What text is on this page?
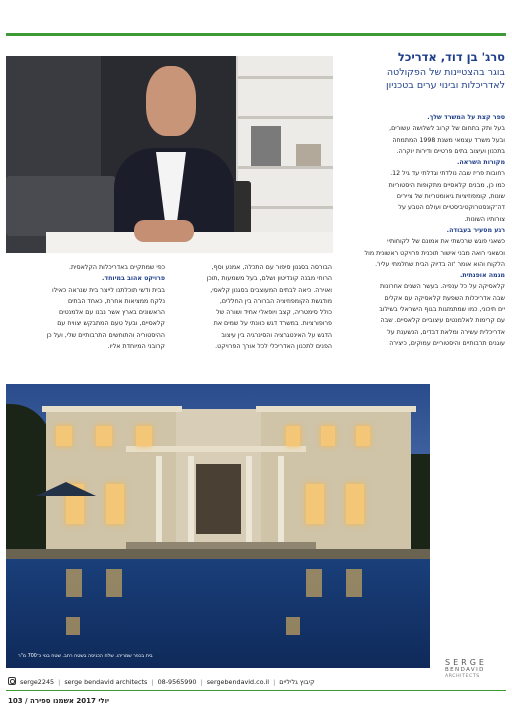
סרג' בן דוד, אדריכל
בוגר בהצטיינות של הפקולטה
לאדריכלות ובינוי ערים בטכניון

ספר קצת על המשרד שלך.

בעל ותק בתחום של קרוב לשלושה עשורים,

ובעל משרד עצמאי משנת 1998 המתמחה

בתכנון ועיצוב בתים פרטיים ודירות יוקרה.

מקורות השראה.

רחובות פריז שבה נולדתי וגדלתי עד גיל 12.

כמו כן, מבנים קלאסיים מתקופות היסטוריות

שונות, קומפוזיציות גיאומטריות של ציירים

דה־קונסטרוקטיביסטיים ועולם הטבע על

צורותיו השונות.

רגע מסעיר בעבודה.

כשאני פוגש שרכשתי את אמונם של לקוחותיי

וכשאני רואה מבני אישור תוכנית פרויקט ראשונית מול

הלקוח והוא אומר 'זה בדיוק הבית שחלמתי עליו'.

מגמה אופנתית.

קלאסיקה על כל ענפיה. בעשר השנים אחרונות

שבה אדריכלות השפעת קלאסיקה עם אקלים

יים תיכוני, כמו שמתמזגות בגוף הישראלי בשילוב

עם קרימות לאלמנטים עיצוביים קלאסיים. שבה

אדריכלית עשירה ומלאת דבדים, הנשענת על

עוגנים תרבותיים והיסטוריים עמוקים, כיצירה

הבורסה בסגנון סיפור עם התכלה, אמנע וסף,

הרוחי מבנה קונדיטון ושלם, בעל משמעות ,תוכן

ואוירה. כיאה לבתים המעוצבים בסגנון קלאסי,

מודגשת הקומפוזיציה הברורה בין החללים,

כולל סימטריה, קצב ויופאלי אחיד ושורה של

פרופורציות. במשרד דגש כוונתי על שמים את

הדגש על האינטגרציה והסינרגיה בין עיצוב

הפנים לתכנון האדריכלי לכל אורך הפרויקט.

כפי שמתקיים באדריכלות הקלאסית.

פרויקט אהוב במיוחד.

בבית ודשי תוכלתנו לייצר בית שנראה כאילו

נלקח ממציאות אחרת, כאחד הבתים

הראשונים בארץ אשר נבנו עם אלמנטים

קלאסיים, ובעל טעם המתבקש יצוויח עם

ההיסטוריה והתוחשים התרבותיים שלי, ועל כן

קרובני המיוחדת אליו.

בית בכפר שמריהו. שלח הכניסה בשטח רחב. שטח בנוי כ־700 מ"ר
SERGE
BENDAVID
ARCHITECTS
serge2245 | serge bendavid architects | 08-9565990 | sergebendavid.co.il | קיבוץ גליליים
יולי 2017 אשמנו ספירה / 103
